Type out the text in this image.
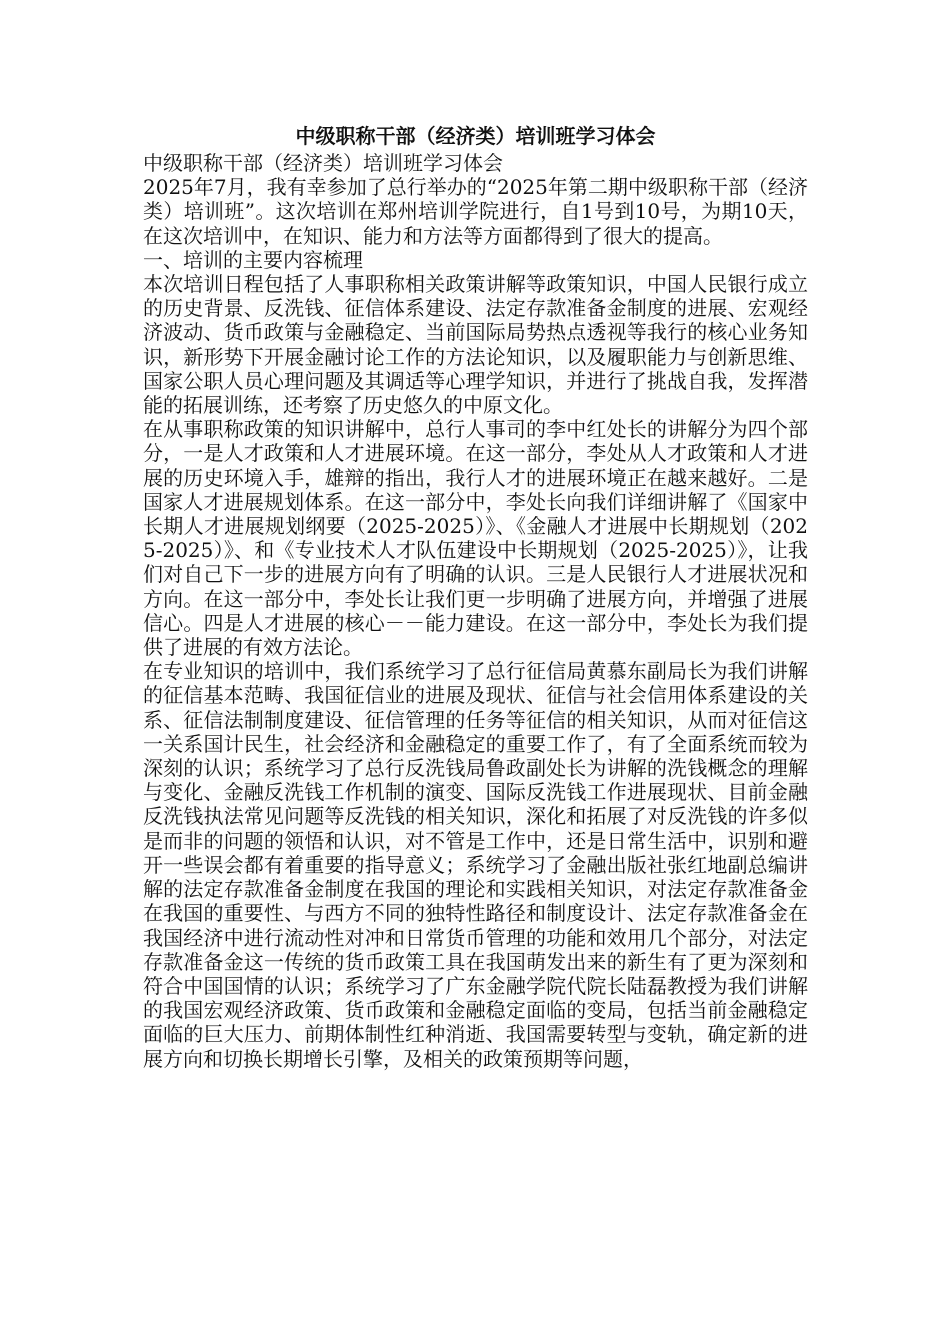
中级职称干部（经济类）培训班学习体会

中级职称干部（经济类）培训班学习体会

2025年7月，我有幸参加了总行举办的“2025年第二期中级职称干部（经济类）培训班”。这次培训在郑州培训学院进行，自1号到10号，为期10天，在这次培训中，在知识、能力和方法等方面都得到了很大的提高。

一、培训的主要内容梳理

本次培训日程包括了人事职称相关政策讲解等政策知识，中国人民银行成立的历史背景、反洗钱、征信体系建设、法定存款准备金制度的进展、宏观经济波动、货币政策与金融稳定、当前国际局势热点透视等我行的核心业务知识，新形势下开展金融讨论工作的方法论知识，以及履职能力与创新思维、国家公职人员心理问题及其调适等心理学知识，并进行了挑战自我，发挥潜能的拓展训练，还考察了历史悠久的中原文化。

在从事职称政策的知识讲解中，总行人事司的李中红处长的讲解分为四个部分，一是人才政策和人才进展环境。在这一部分，李处从人才政策和人才进展的历史环境入手，雄辩的指出，我行人才的进展环境正在越来越好。二是国家人才进展规划体系。在这一部分中，李处长向我们详细讲解了《国家中长期人才进展规划纲要（2025-2025）》、《金融人才进展中长期规划（2025-2025）》、和《专业技术人才队伍建设中长期规划（2025-2025）》，让我们对自己下一步的进展方向有了明确的认识。三是人民银行人才进展状况和方向。在这一部分中，李处长让我们更一步明确了进展方向，并增强了进展信心。四是人才进展的核心－－能力建设。在这一部分中，李处长为我们提供了进展的有效方法论。

在专业知识的培训中，我们系统学习了总行征信局黄慕东副局长为我们讲解的征信基本范畴、我国征信业的进展及现状、征信与社会信用体系建设的关系、征信法制制度建设、征信管理的任务等征信的相关知识，从而对征信这一关系国计民生，社会经济和金融稳定的重要工作了，有了全面系统而较为深刻的认识；系统学习了总行反洗钱局鲁政副处长为讲解的洗钱概念的理解与变化、金融反洗钱工作机制的演变、国际反洗钱工作进展现状、目前金融反洗钱执法常见问题等反洗钱的相关知识，深化和拓展了对反洗钱的许多似是而非的问题的领悟和认识，对不管是工作中，还是日常生活中，识别和避开一些误会都有着重要的指导意义；系统学习了金融出版社张红地副总编讲解的法定存款准备金制度在我国的理论和实践相关知识，对法定存款准备金在我国的重要性、与西方不同的独特性路径和制度设计、法定存款准备金在我国经济中进行流动性对冲和日常货币管理的功能和效用几个部分，对法定存款准备金这一传统的货币政策工具在我国萌发出来的新生有了更为深刻和符合中国国情的认识；系统学习了广东金融学院代院长陆磊教授为我们讲解的我国宏观经济政策、货币政策和金融稳定面临的变局，包括当前金融稳定面临的巨大压力、前期体制性红种消逝、我国需要转型与变轨，确定新的进展方向和切换长期增长引擎，及相关的政策预期等问题，
